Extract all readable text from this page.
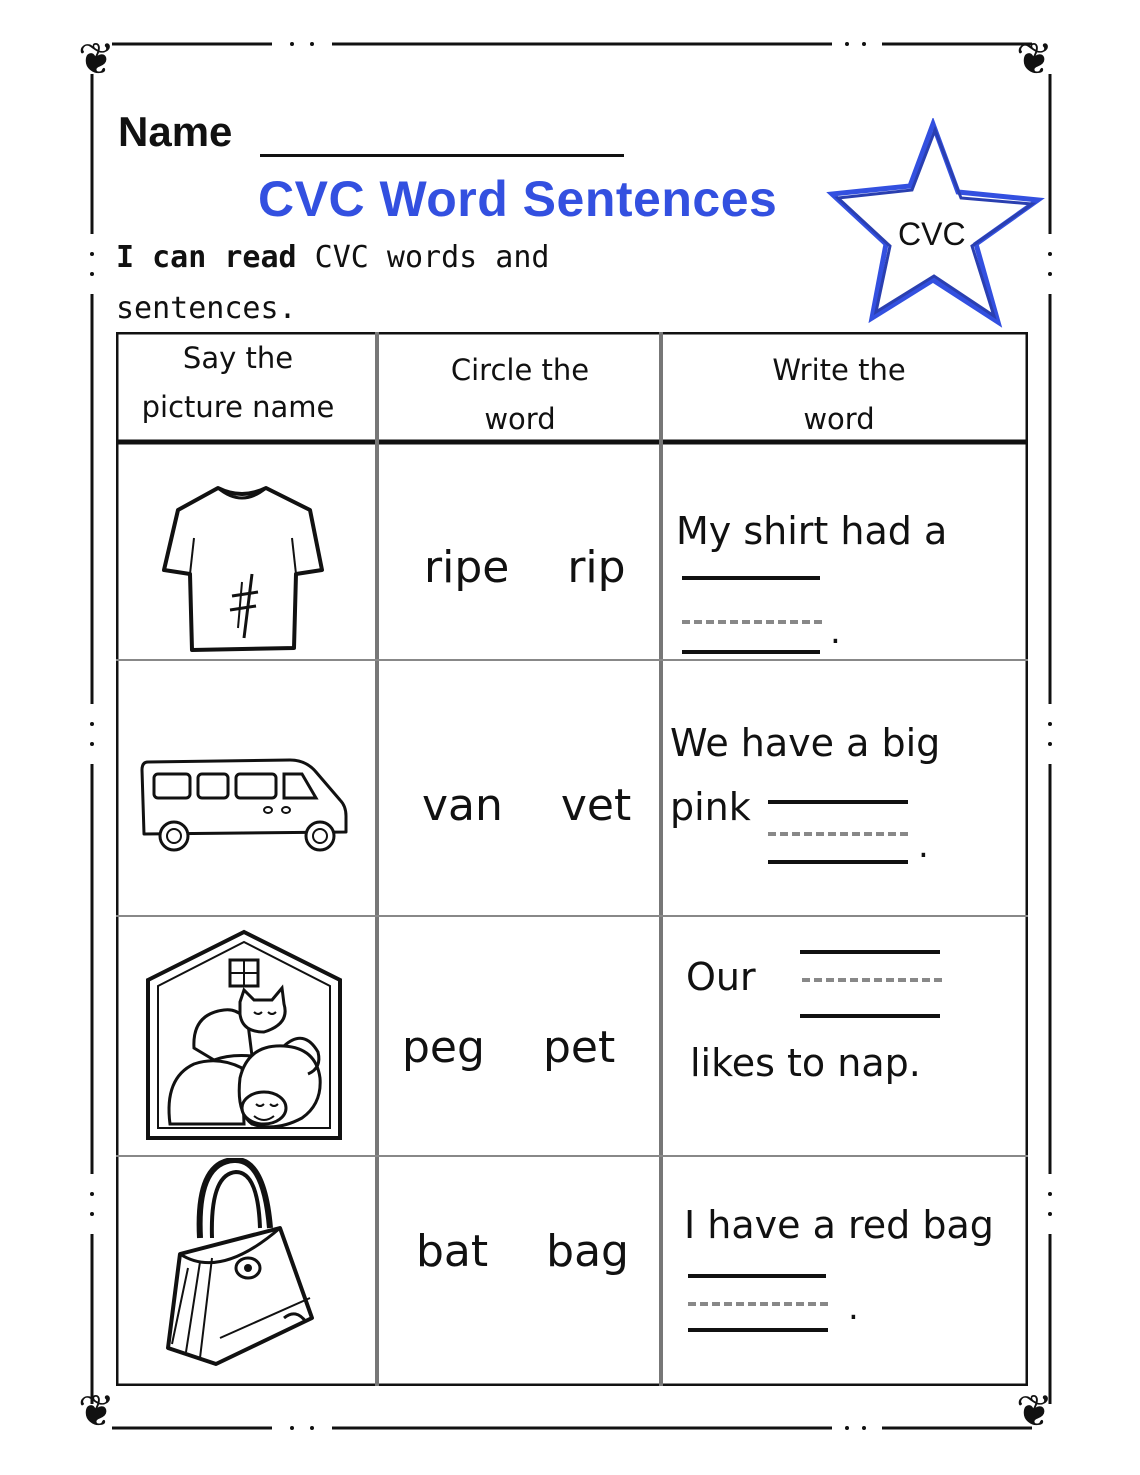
❦	❦
❦	❦
Name
CVC Word Sentences
I can read CVC words and
sentences.
CVC
Say the
picture name
Circle the
word
Write the
word
ripe rip
My shirt had a
.
van vet
We have a big
pink
.
peg pet
Our
likes to nap.
bat bag
I have a red bag
.
